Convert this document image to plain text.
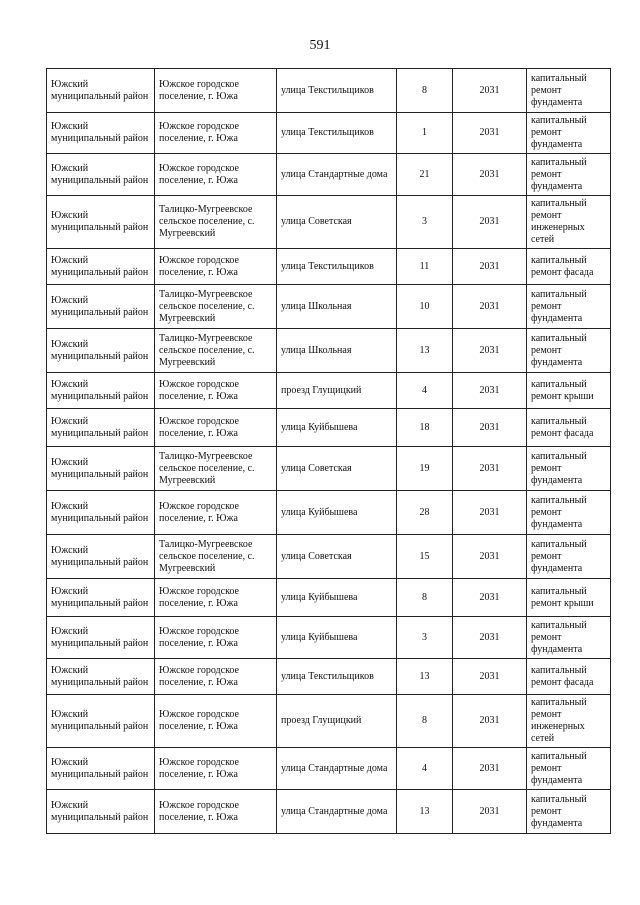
591
Южский муниципальный район	Южское городское поселение, г. Южа	улица Текстильщиков	8	2031	капитальный ремонт фундамента
Южский муниципальный район	Южское городское поселение, г. Южа	улица Текстильщиков	1	2031	капитальный ремонт фундамента
Южский муниципальный район	Южское городское поселение, г. Южа	улица Стандартные дома	21	2031	капитальный ремонт фундамента
Южский муниципальный район	Талицко-Мугреевское сельское поселение, с. Мугреевский	улица Советская	3	2031	капитальный ремонт инженерных сетей
Южский муниципальный район	Южское городское поселение, г. Южа	улица Текстильщиков	11	2031	капитальный ремонт фасада
Южский муниципальный район	Талицко-Мугреевское сельское поселение, с. Мугреевский	улица Школьная	10	2031	капитальный ремонт фундамента
Южский муниципальный район	Талицко-Мугреевское сельское поселение, с. Мугреевский	улица Школьная	13	2031	капитальный ремонт фундамента
Южский муниципальный район	Южское городское поселение, г. Южа	проезд Глущицкий	4	2031	капитальный ремонт крыши
Южский муниципальный район	Южское городское поселение, г. Южа	улица Куйбышева	18	2031	капитальный ремонт фасада
Южский муниципальный район	Талицко-Мугреевское сельское поселение, с. Мугреевский	улица Советская	19	2031	капитальный ремонт фундамента
Южский муниципальный район	Южское городское поселение, г. Южа	улица Куйбышева	28	2031	капитальный ремонт фундамента
Южский муниципальный район	Талицко-Мугреевское сельское поселение, с. Мугреевский	улица Советская	15	2031	капитальный ремонт фундамента
Южский муниципальный район	Южское городское поселение, г. Южа	улица Куйбышева	8	2031	капитальный ремонт крыши
Южский муниципальный район	Южское городское поселение, г. Южа	улица Куйбышева	3	2031	капитальный ремонт фундамента
Южский муниципальный район	Южское городское поселение, г. Южа	улица Текстильщиков	13	2031	капитальный ремонт фасада
Южский муниципальный район	Южское городское поселение, г. Южа	проезд Глущицкий	8	2031	капитальный ремонт инженерных сетей
Южский муниципальный район	Южское городское поселение, г. Южа	улица Стандартные дома	4	2031	капитальный ремонт фундамента
Южский муниципальный район	Южское городское поселение, г. Южа	улица Стандартные дома	13	2031	капитальный ремонт фундамента
